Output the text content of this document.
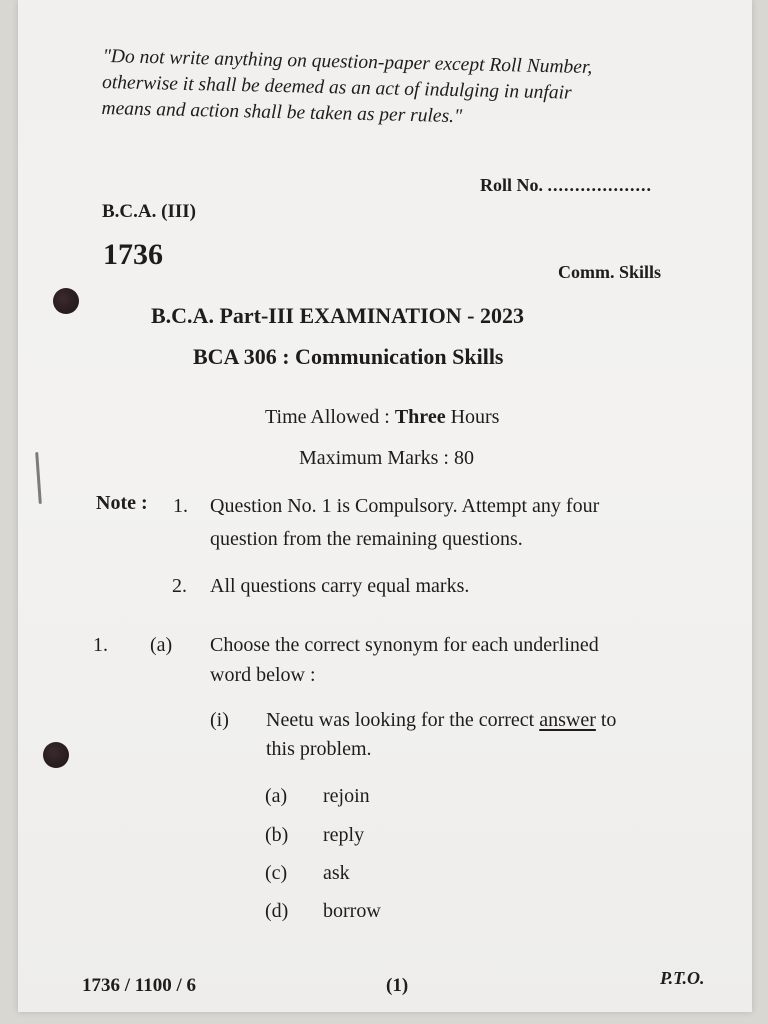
"Do not write anything on question-paper except Roll Number,
otherwise it shall be deemed as an act of indulging in unfair
means and action shall be taken as per rules."
Roll No. ...................
B.C.A. (III)
1736
Comm. Skills
B.C.A. Part-III EXAMINATION - 2023
BCA 306 : Communication Skills
Time Allowed : Three Hours
Maximum Marks : 80
Note : 1. Question No. 1 is Compulsory. Attempt any four
question from the remaining questions.
2. All questions carry equal marks.
1. (a) Choose the correct synonym for each underlined
word below :
(i) Neetu was looking for the correct answer to
this problem.
(a) rejoin
(b) reply
(c) ask
(d) borrow
1736 / 1100 / 6	(1)	P.T.O.
